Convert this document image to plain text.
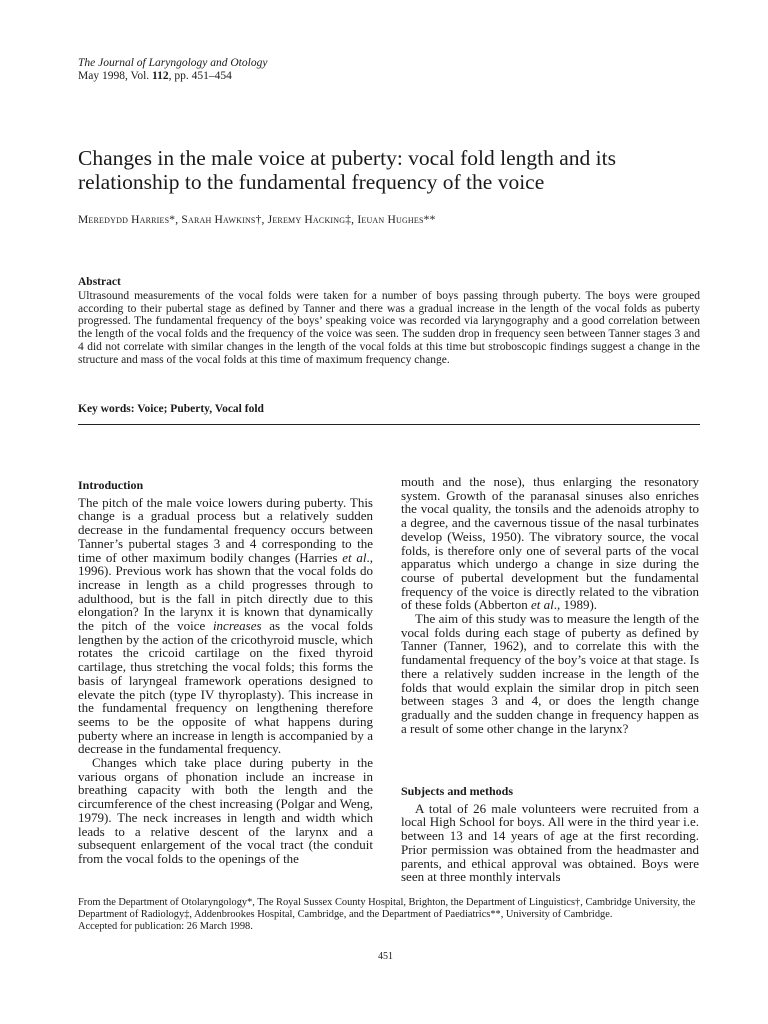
The Journal of Laryngology and Otology
May 1998, Vol. 112, pp. 451–454
Changes in the male voice at puberty: vocal fold length and its relationship to the fundamental frequency of the voice
Meredydd Harries*, Sarah Hawkins†, Jeremy Hacking‡, Ieuan Hughes**
Abstract

Ultrasound measurements of the vocal folds were taken for a number of boys passing through puberty. The boys were grouped according to their pubertal stage as defined by Tanner and there was a gradual increase in the length of the vocal folds as puberty progressed. The fundamental frequency of the boys’ speaking voice was recorded via laryngography and a good correlation between the length of the vocal folds and the frequency of the voice was seen. The sudden drop in frequency seen between Tanner stages 3 and 4 did not correlate with similar changes in the length of the vocal folds at this time but stroboscopic findings suggest a change in the structure and mass of the vocal folds at this time of maximum frequency change.

Key words: Voice; Puberty, Vocal fold
Introduction

The pitch of the male voice lowers during puberty. This change is a gradual process but a relatively sudden decrease in the fundamental frequency occurs between Tanner’s pubertal stages 3 and 4 corresponding to the time of other maximum bodily changes (Harries et al., 1996). Previous work has shown that the vocal folds do increase in length as a child progresses through to adulthood, but is the fall in pitch directly due to this elongation? In the larynx it is known that dynamically the pitch of the voice increases as the vocal folds lengthen by the action of the cricothyroid muscle, which rotates the cricoid cartilage on the fixed thyroid cartilage, thus stretching the vocal folds; this forms the basis of laryngeal framework operations designed to elevate the pitch (type IV thyroplasty). This increase in the fundamental frequency on lengthening therefore seems to be the opposite of what happens during puberty where an increase in length is accompanied by a decrease in the fundamental frequency.

Changes which take place during puberty in the various organs of phonation include an increase in breathing capacity with both the length and the circumference of the chest increasing (Polgar and Weng, 1979). The neck increases in length and width which leads to a relative descent of the larynx and a subsequent enlargement of the vocal tract (the conduit from the vocal folds to the openings of the

mouth and the nose), thus enlarging the resonatory system. Growth of the paranasal sinuses also enriches the vocal quality, the tonsils and the adenoids atrophy to a degree, and the cavernous tissue of the nasal turbinates develop (Weiss, 1950). The vibratory source, the vocal folds, is therefore only one of several parts of the vocal apparatus which undergo a change in size during the course of pubertal development but the fundamental frequency of the voice is directly related to the vibration of these folds (Abberton et al., 1989).

The aim of this study was to measure the length of the vocal folds during each stage of puberty as defined by Tanner (Tanner, 1962), and to correlate this with the fundamental frequency of the boy’s voice at that stage. Is there a relatively sudden increase in the length of the folds that would explain the similar drop in pitch seen between stages 3 and 4, or does the length change gradually and the sudden change in frequency happen as a result of some other change in the larynx?

Subjects and methods

A total of 26 male volunteers were recruited from a local High School for boys. All were in the third year i.e. between 13 and 14 years of age at the first recording. Prior permission was obtained from the headmaster and parents, and ethical approval was obtained. Boys were seen at three monthly intervals

From the Department of Otolaryngology*, The Royal Sussex County Hospital, Brighton, the Department of Linguistics†, Cambridge University, the Department of Radiology‡, Addenbrookes Hospital, Cambridge, and the Department of Paediatrics**, University of Cambridge.

Accepted for publication: 26 March 1998.

451
